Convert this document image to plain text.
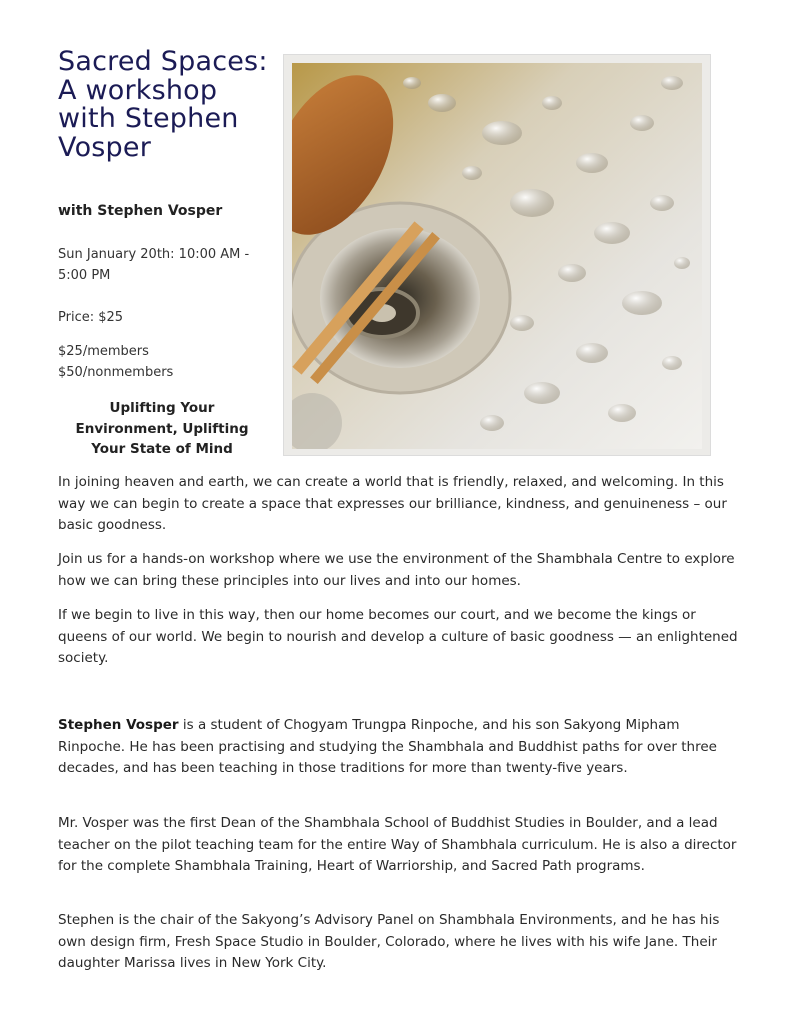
Sacred Spaces: A workshop with Stephen Vosper
with Stephen Vosper

Sun January 20th: 10:00 AM - 5:00 PM

Price: $25

$25/members
$50/nonmembers
Uplifting Your Environment, Uplifting Your State of Mind

In joining heaven and earth, we can create a world that is friendly, relaxed, and welcoming. In this way we can begin to create a space that expresses our brilliance, kindness, and genuineness – our basic goodness.

Join us for a hands-on workshop where we use the environment of the Shambhala Centre to explore how we can bring these principles into our lives and into our homes.

If we begin to live in this way, then our home becomes our court, and we become the kings or queens of our world. We begin to nourish and develop a culture of basic goodness — an enlightened society.

Stephen Vosper is a student of Chogyam Trungpa Rinpoche, and his son Sakyong Mipham Rinpoche. He has been practising and studying the Shambhala and Buddhist paths for over three decades, and has been teaching in those traditions for more than twenty-five years.

Mr. Vosper was the first Dean of the Shambhala School of Buddhist Studies in Boulder, and a lead teacher on the pilot teaching team for the entire Way of Shambhala curriculum. He is also a director for the complete Shambhala Training, Heart of Warriorship, and Sacred Path programs.

Stephen is the chair of the Sakyong’s Advisory Panel on Shambhala Environments, and he has his own design firm, Fresh Space Studio in Boulder, Colorado, where he lives with his wife Jane. Their daughter Marissa lives in New York City.
